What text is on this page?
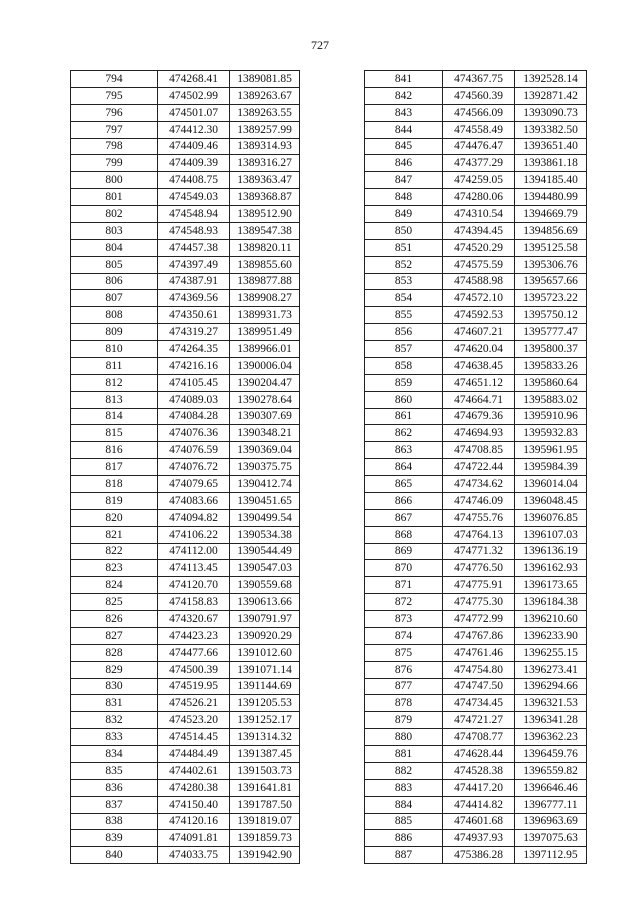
727
794	474268.41	1389081.85
795	474502.99	1389263.67
796	474501.07	1389263.55
797	474412.30	1389257.99
798	474409.46	1389314.93
799	474409.39	1389316.27
800	474408.75	1389363.47
801	474549.03	1389368.87
802	474548.94	1389512.90
803	474548.93	1389547.38
804	474457.38	1389820.11
805	474397.49	1389855.60
806	474387.91	1389877.88
807	474369.56	1389908.27
808	474350.61	1389931.73
809	474319.27	1389951.49
810	474264.35	1389966.01
811	474216.16	1390006.04
812	474105.45	1390204.47
813	474089.03	1390278.64
814	474084.28	1390307.69
815	474076.36	1390348.21
816	474076.59	1390369.04
817	474076.72	1390375.75
818	474079.65	1390412.74
819	474083.66	1390451.65
820	474094.82	1390499.54
821	474106.22	1390534.38
822	474112.00	1390544.49
823	474113.45	1390547.03
824	474120.70	1390559.68
825	474158.83	1390613.66
826	474320.67	1390791.97
827	474423.23	1390920.29
828	474477.66	1391012.60
829	474500.39	1391071.14
830	474519.95	1391144.69
831	474526.21	1391205.53
832	474523.20	1391252.17
833	474514.45	1391314.32
834	474484.49	1391387.45
835	474402.61	1391503.73
836	474280.38	1391641.81
837	474150.40	1391787.50
838	474120.16	1391819.07
839	474091.81	1391859.73
840	474033.75	1391942.90
841	474367.75	1392528.14
842	474560.39	1392871.42
843	474566.09	1393090.73
844	474558.49	1393382.50
845	474476.47	1393651.40
846	474377.29	1393861.18
847	474259.05	1394185.40
848	474280.06	1394480.99
849	474310.54	1394669.79
850	474394.45	1394856.69
851	474520.29	1395125.58
852	474575.59	1395306.76
853	474588.98	1395657.66
854	474572.10	1395723.22
855	474592.53	1395750.12
856	474607.21	1395777.47
857	474620.04	1395800.37
858	474638.45	1395833.26
859	474651.12	1395860.64
860	474664.71	1395883.02
861	474679.36	1395910.96
862	474694.93	1395932.83
863	474708.85	1395961.95
864	474722.44	1395984.39
865	474734.62	1396014.04
866	474746.09	1396048.45
867	474755.76	1396076.85
868	474764.13	1396107.03
869	474771.32	1396136.19
870	474776.50	1396162.93
871	474775.91	1396173.65
872	474775.30	1396184.38
873	474772.99	1396210.60
874	474767.86	1396233.90
875	474761.46	1396255.15
876	474754.80	1396273.41
877	474747.50	1396294.66
878	474734.45	1396321.53
879	474721.27	1396341.28
880	474708.77	1396362.23
881	474628.44	1396459.76
882	474528.38	1396559.82
883	474417.20	1396646.46
884	474414.82	1396777.11
885	474601.68	1396963.69
886	474937.93	1397075.63
887	475386.28	1397112.95
